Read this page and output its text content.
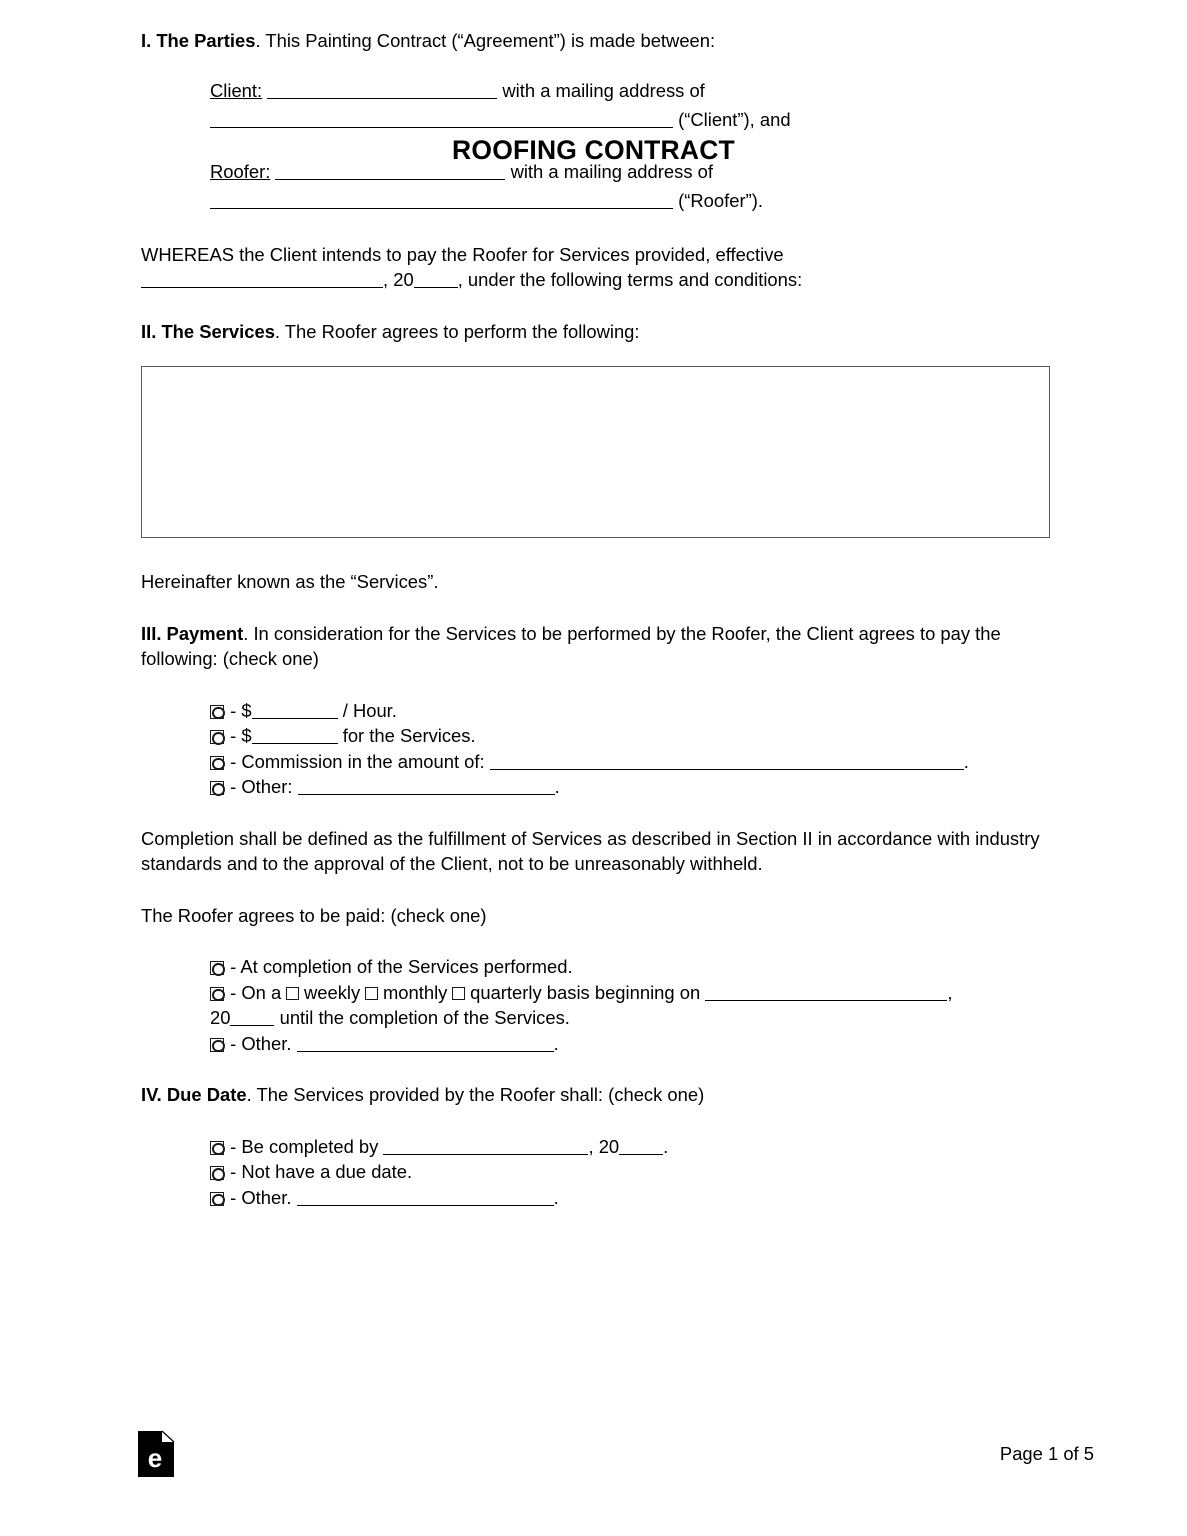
ROOFING CONTRACT

I. The Parties. This Painting Contract (“Agreement”) is made between:

Client:	with a mailing address of
(“Client”), and
Roofer:	with a mailing address of
(“Roofer”).

WHEREAS the Client intends to pay the Roofer for Services provided, effective
, 20 , under the following terms and conditions:

II. The Services. The Roofer agrees to perform the following:

Hereinafter known as the “Services”.

III. Payment. In consideration for the Services to be performed by the Roofer, the Client agrees to pay the following: (check one)

- $	/ Hour.
- $	for the Services.
- Commission in the amount of:	.
- Other:	.

Completion shall be defined as the fulfillment of Services as described in Section II in accordance with industry standards and to the approval of the Client, not to be unreasonably withheld.

The Roofer agrees to be paid: (check one)

- At completion of the Services performed.
- On a weekly monthly quarterly basis beginning on	,
20	until the completion of the Services.
- Other.	.

IV. Due Date. The Services provided by the Roofer shall: (check one)

- Be completed by	, 20 .
- Not have a due date.
- Other.	.
e	Page 1 of 5
